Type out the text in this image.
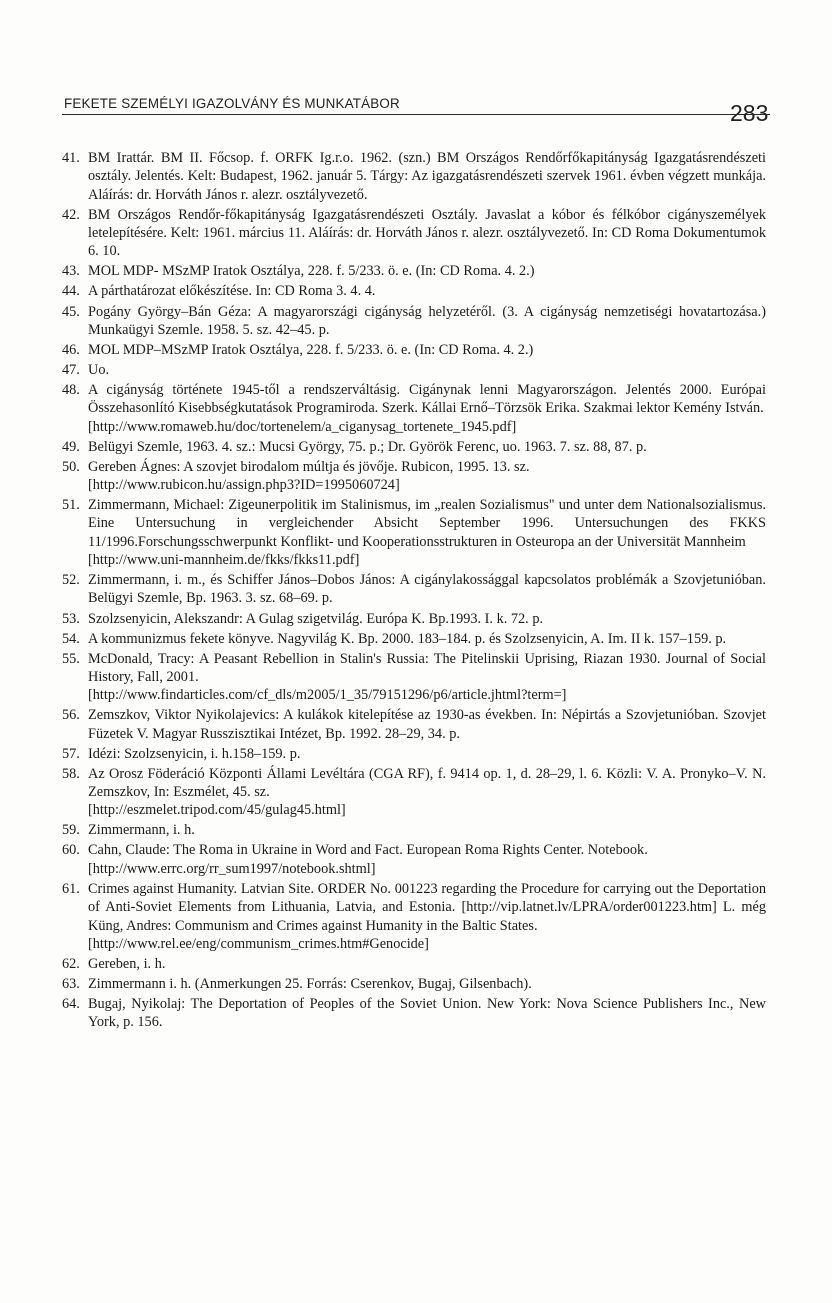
FEKETE SZEMÉLYI IGAZOLVÁNY ÉS MUNKATÁBOR	283
41. BM Irattár. BM II. Főcsop. f. ORFK Ig.r.o. 1962. (szn.) BM Országos Rendőrfőkapitányság Igazgatásrendészeti osztály. Jelentés. Kelt: Budapest, 1962. január 5. Tárgy: Az igazgatásrendészeti szervek 1961. évben végzett munkája. Aláírás: dr. Horváth János r. alezr. osztályvezető.
42. BM Országos Rendőr-főkapitányság Igazgatásrendészeti Osztály. Javaslat a kóbor és félkóbor cigányszemélyek letelepítésére. Kelt: 1961. március 11. Aláírás: dr. Horváth János r. alezr. osztályvezető. In: CD Roma Dokumentumok 6. 10.
43. MOL MDP- MSzMP Iratok Osztálya, 228. f. 5/233. ö. e. (In: CD Roma. 4. 2.)
44. A párthatározat előkészítése. In: CD Roma 3. 4. 4.
45. Pogány György–Bán Géza: A magyarországi cigányság helyzetéről. (3. A cigányság nemzetiségi hovatartozása.) Munkaügyi Szemle. 1958. 5. sz. 42–45. p.
46. MOL MDP–MSzMP Iratok Osztálya, 228. f. 5/233. ö. e. (In: CD Roma. 4. 2.)
47. Uo.
48. A cigányság története 1945-től a rendszerváltásig. Cigánynak lenni Magyarországon. Jelentés 2000. Európai Összehasonlító Kisebbségkutatások Programiroda. Szerk. Kállai Ernő–Törzsök Erika. Szakmai lektor Kemény István.
[http://www.romaweb.hu/doc/tortenelem/a_ciganysag_tortenete_1945.pdf]
49. Belügyi Szemle, 1963. 4. sz.: Mucsi György, 75. p.; Dr. Györök Ferenc, uo. 1963. 7. sz. 88, 87. p.
50. Gereben Ágnes: A szovjet birodalom múltja és jövője. Rubicon, 1995. 13. sz.
[http://www.rubicon.hu/assign.php3?ID=1995060724]
51. Zimmermann, Michael: Zigeunerpolitik im Stalinismus, im „realen Sozialismus" und unter dem Nationalsozialismus. Eine Untersuchung in vergleichender Absicht September 1996. Untersuchungen des FKKS 11/1996.Forschungsschwerpunkt Konflikt- und Kooperationsstrukturen in Osteuropa an der Universität Mannheim
[http://www.uni-mannheim.de/fkks/fkks11.pdf]
52. Zimmermann, i. m., és Schiffer János–Dobos János: A cigánylakossággal kapcsolatos problémák a Szovjetunióban. Belügyi Szemle, Bp. 1963. 3. sz. 68–69. p.
53. Szolzsenyicin, Alekszandr: A Gulag szigetvilág. Európa K. Bp.1993. I. k. 72. p.
54. A kommunizmus fekete könyve. Nagyvilág K. Bp. 2000. 183–184. p. és Szolzsenyicin, A. Im. II k. 157–159. p.
55. McDonald, Tracy: A Peasant Rebellion in Stalin's Russia: The Pitelinskii Uprising, Riazan 1930. Journal of Social History, Fall, 2001.
[http://www.findarticles.com/cf_dls/m2005/1_35/79151296/p6/article.jhtml?term=]
56. Zemszkov, Viktor Nyikolajevics: A kulákok kitelepítése az 1930-as években. In: Népirtás a Szovjetunióban. Szovjet Füzetek V. Magyar Russzisztikai Intézet, Bp. 1992. 28–29, 34. p.
57. Idézi: Szolzsenyicin, i. h.158–159. p.
58. Az Orosz Föderáció Központi Állami Levéltára (CGA RF), f. 9414 op. 1, d. 28–29, l. 6. Közli: V. A. Pronyko–V. N. Zemszkov, In: Eszmélet, 45. sz.
[http://eszmelet.tripod.com/45/gulag45.html]
59. Zimmermann, i. h.
60. Cahn, Claude: The Roma in Ukraine in Word and Fact. European Roma Rights Center. Notebook.
[http://www.errc.org/rr_sum1997/notebook.shtml]
61. Crimes against Humanity. Latvian Site. ORDER No. 001223 regarding the Procedure for carrying out the Deportation of Anti-Soviet Elements from Lithuania, Latvia, and Estonia. [http://vip.latnet.lv/LPRA/order001223.htm] L. még Küng, Andres: Communism and Crimes against Humanity in the Baltic States.
[http://www.rel.ee/eng/communism_crimes.htm#Genocide]
62. Gereben, i. h.
63. Zimmermann i. h. (Anmerkungen 25. Forrás: Cserenkov, Bugaj, Gilsenbach).
64. Bugaj, Nyikolaj: The Deportation of Peoples of the Soviet Union. New York: Nova Science Publishers Inc., New York, p. 156.
